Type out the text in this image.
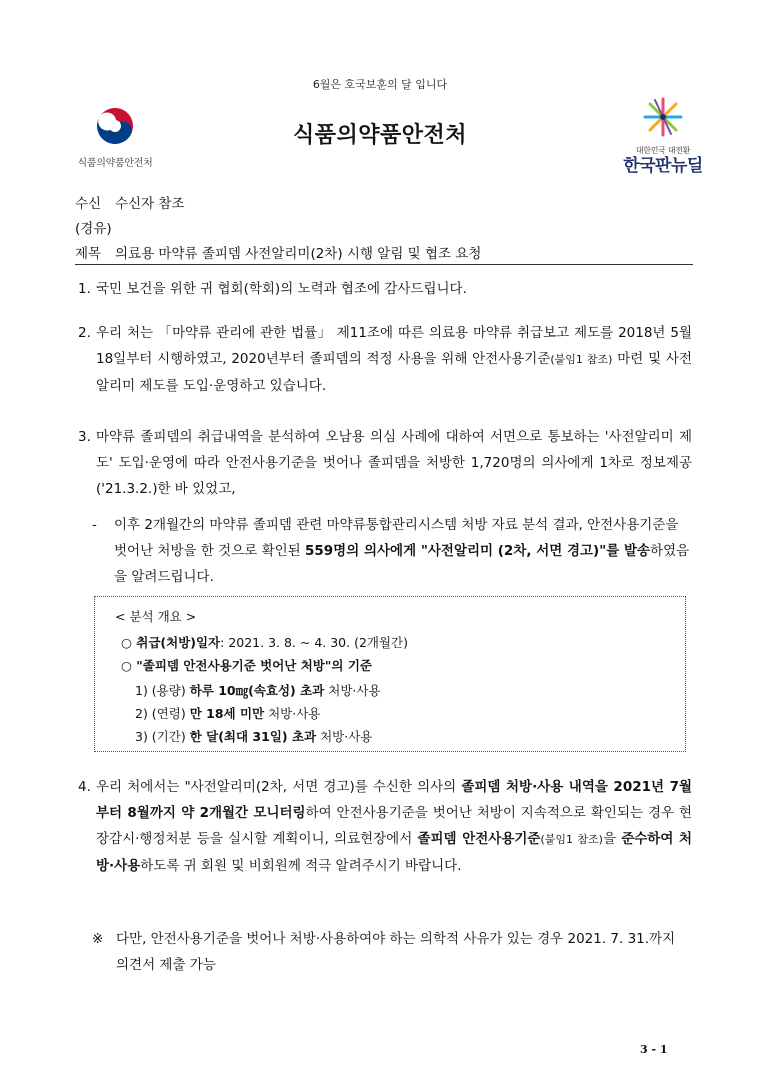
6월은 호국보훈의 달 입니다
식품의약품안전처
식품의약품안전처
대한민국 대전환
한국판뉴딜
수신 수신자 참조
(경유)
제목 의료용 마약류 졸피뎀 사전알리미(2차) 시행 알림 및 협조 요청
1. 국민 보건을 위한 귀 협회(학회)의 노력과 협조에 감사드립니다.
2. 우리 처는 「마약류 관리에 관한 법률」 제11조에 따른 의료용 마약류 취급보고 제도를 2018년 5월 18일부터 시행하였고, 2020년부터 졸피뎀의 적정 사용을 위해 안전사용기준(붙임1 참조) 마련 및 사전알리미 제도를 도입·운영하고 있습니다.
3. 마약류 졸피뎀의 취급내역을 분석하여 오남용 의심 사례에 대하여 서면으로 통보하는 '사전알리미 제도' 도입·운영에 따라 안전사용기준을 벗어나 졸피뎀을 처방한 1,720명의 의사에게 1차로 정보제공('21.3.2.)한 바 있었고,
- 이후 2개월간의 마약류 졸피뎀 관련 마약류통합관리시스템 처방 자료 분석 결과, 안전사용기준을 벗어난 처방을 한 것으로 확인된 559명의 의사에게 "사전알리미 (2차, 서면 경고)"를 발송하였음을 알려드립니다.
< 분석 개요 >
○ 취급(처방)일자: 2021. 3. 8. ~ 4. 30. (2개월간)
○ "졸피뎀 안전사용기준 벗어난 처방"의 기준
1) (용량) 하루 10㎎(속효성) 초과 처방·사용
2) (연령) 만 18세 미만 처방·사용
3) (기간) 한 달(최대 31일) 초과 처방·사용
4. 우리 처에서는 "사전알리미(2차, 서면 경고)를 수신한 의사의 졸피뎀 처방·사용 내역을 2021년 7월부터 8월까지 약 2개월간 모니터링하여 안전사용기준을 벗어난 처방이 지속적으로 확인되는 경우 현장감시·행정처분 등을 실시할 계획이니, 의료현장에서 졸피뎀 안전사용기준(붙임1 참조)을 준수하여 처방·사용하도록 귀 회원 및 비회원께 적극 알려주시기 바랍니다.
※ 다만, 안전사용기준을 벗어나 처방·사용하여야 하는 의학적 사유가 있는 경우 2021. 7. 31.까지 의견서 제출 가능
3 - 1
